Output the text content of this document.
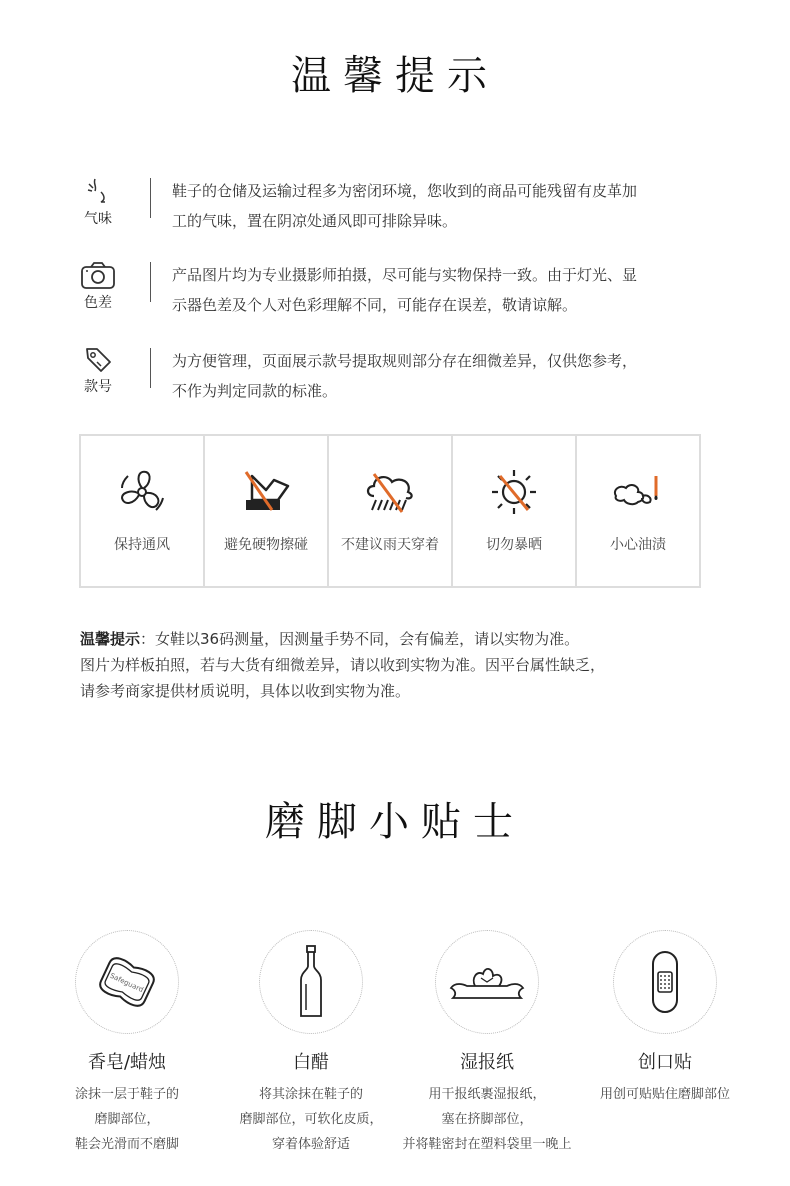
温馨提示
气味
鞋子的仓储及运输过程多为密闭环境，您收到的商品可能残留有皮革加
工的气味，置在阴凉处通风即可排除异味。
色差
产品图片均为专业摄影师拍摄，尽可能与实物保持一致。由于灯光、显
示器色差及个人对色彩理解不同，可能存在误差，敬请谅解。
款号
为方便管理，页面展示款号提取规则部分存在细微差异，仅供您参考，
不作为判定同款的标准。
保持通风	避免硬物擦碰	不建议雨天穿着	切勿暴晒	小心油渍
温馨提示：女鞋以36码测量，因测量手势不同，会有偏差，请以实物为准。
图片为样板拍照，若与大货有细微差异，请以收到实物为准。因平台属性缺乏，
请参考商家提供材质说明，具体以收到实物为准。
磨脚小贴士
Safeguard
香皂/蜡烛
涂抹一层于鞋子的
磨脚部位，
鞋会光滑而不磨脚
白醋
将其涂抹在鞋子的
磨脚部位，可软化皮质，
穿着体验舒适
湿报纸
用干报纸裹湿报纸，
塞在挤脚部位，
并将鞋密封在塑料袋里一晚上
创口贴
用创可贴贴住磨脚部位
